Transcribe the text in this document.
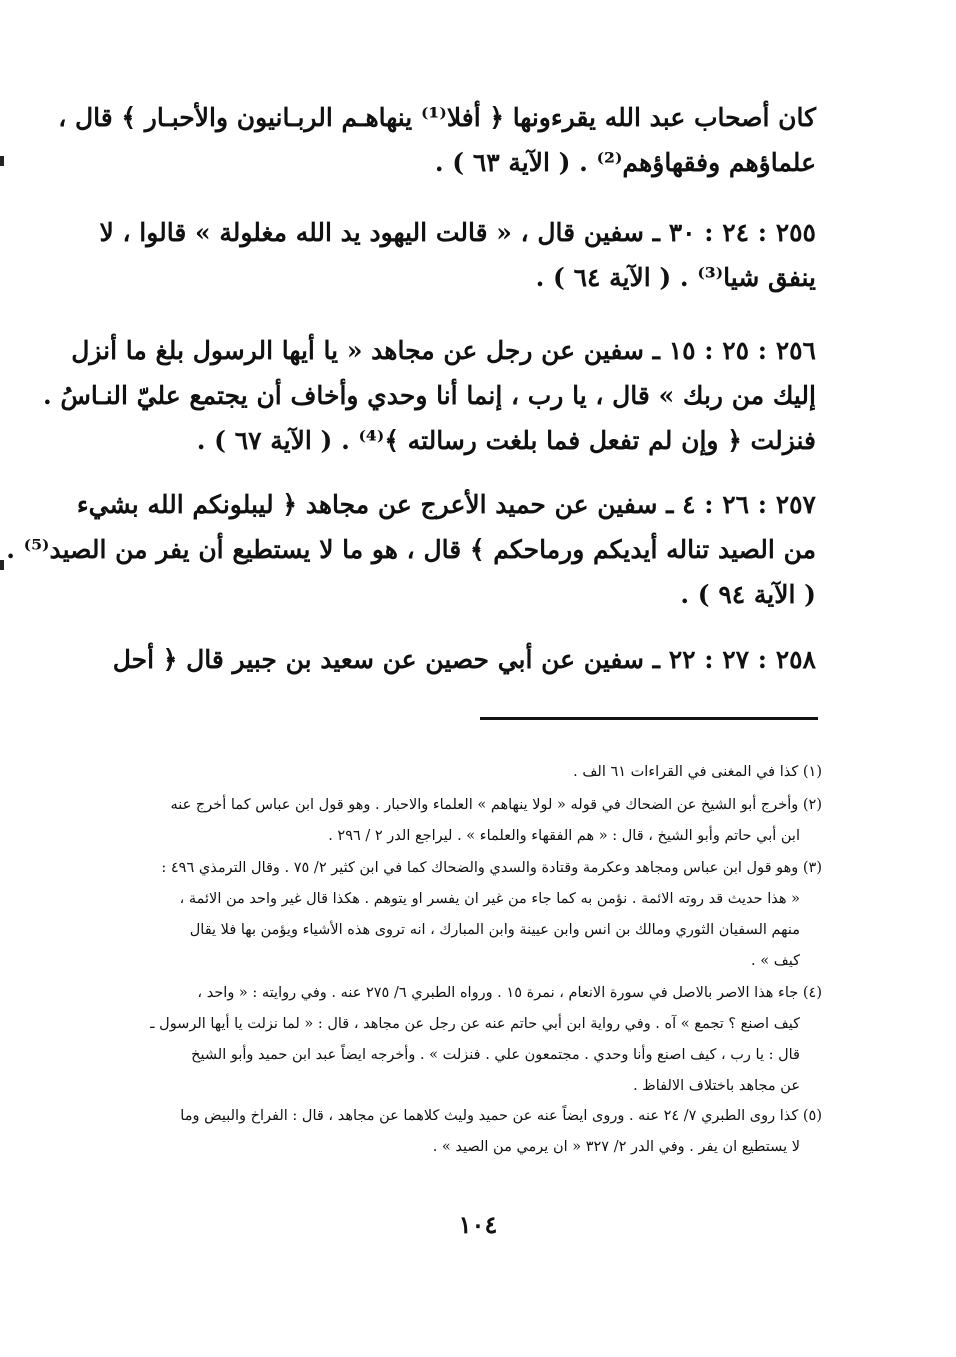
كان أصحاب عبد الله يقرءونها ﴿ أفلا⁽¹⁾ ينهاهـم الربـانيون والأحبـار ﴾ قال ،
علماؤهم وفقهاؤهم⁽²⁾ . ( الآية ٦٣ ) .
٢٥٥ : ٢٤ : ٣٠ ـ سفين قال ، « قالت اليهود يد الله مغلولة » قالوا ، لا
ينفق شيا⁽³⁾ . ( الآية ٦٤ ) .
٢٥٦ : ٢٥ : ١٥ ـ سفين عن رجل عن مجاهد « يا أيها الرسول بلغ ما أنزل
إليك من ربك » قال ، يا رب ، إنما أنا وحدي وأخاف أن يجتمع عليّ النـاسُ .
فنزلت ﴿ وإن لم تفعل فما بلغت رسالته ﴾⁽⁴⁾ . ( الآية ٦٧ ) .
٢٥٧ : ٢٦ : ٤ ـ سفين عن حميد الأعرج عن مجاهد ﴿ ليبلونكم الله بشيء
من الصيد تناله أيديكم ورماحكم ﴾ قال ، هو ما لا يستطيع أن يفر من الصيد⁽⁵⁾ .
( الآية ٩٤ ) .
٢٥٨ : ٢٧ : ٢٢ ـ سفين عن أبي حصين عن سعيد بن جبير قال ﴿ أحل
(١) كذا في المغنى في القراءات ٦١ الف .
(٢) وأخرج أبو الشيخ عن الضحاك في قوله « لولا ينهاهم » العلماء والاحبار . وهو قول ابن عباس كما أخرج عنه
ابن أبي حاتم وأبو الشيخ ، قال : « هم الفقهاء والعلماء » . ليراجع الدر ٢ / ٢٩٦ .
(٣) وهو قول ابن عباس ومجاهد وعكرمة وقتادة والسدي والضحاك كما في ابن كثير ٢/ ٧٥ . وقال الترمذي ٤٩٦ :
« هذا حديث قد روته الائمة . نؤمن به كما جاء من غير ان يفسر او يتوهم . هكذا قال غير واحد من الائمة ،
منهم السفيان الثوري ومالك بن انس وابن عيينة وابن المبارك ، انه تروى هذه الأشياء ويؤمن بها فلا يقال
كيف » .
(٤) جاء هذا الاصر بالاصل في سورة الانعام ، نمرة ١٥ . ورواه الطبري ٦/ ٢٧٥ عنه . وفي روايته : « واحد ،
كيف اصنع ؟ تجمع » آه . وفي رواية ابن أبي حاتم عنه عن رجل عن مجاهد ، قال : « لما نزلت يا أيها الرسول ـ
قال : يا رب ، كيف اصنع وأنا وحدي . مجتمعون علي . فنزلت » . وأخرجه ايضاً عبد ابن حميد وأبو الشيخ
عن مجاهد باختلاف الالفاظ .
(٥) كذا روى الطبري ٧/ ٢٤ عنه . وروى ايضاً عنه عن حميد وليث كلاهما عن مجاهد ، قال : الفراخ والبيض وما
لا يستطيع ان يفر . وفي الدر ٢/ ٣٢٧ « ان يرمي من الصيد » .
١٠٤
